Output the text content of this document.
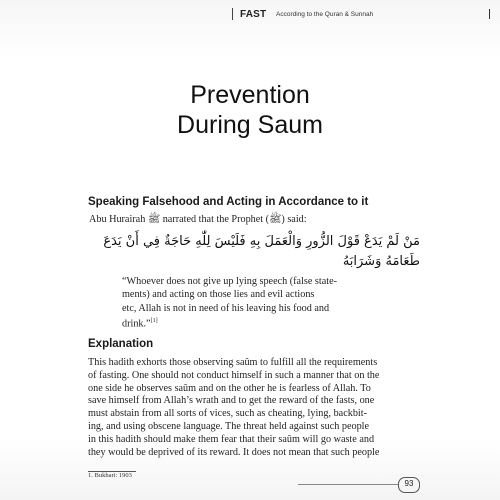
FAST According to the Quran & Sunnah
Prevention
During Saum
Speaking Falsehood and Acting in Accordance to it
Abu Hurairah ﷺ narrated that the Prophet (ﷺ) said:
مَنْ لَمْ يَدَعْ قَوْلَ الزُّورِ وَالْعَمَلَ بِهِ فَلَيْسَ لِلّٰهِ حَاجَةٌ فِي أَنْ يَدَعَ
طَعَامَهُ وَشَرَابَهُ
“Whoever does not give up lying speech (false state-
ments) and acting on those lies and evil actions
etc, Allah is not in need of his leaving his food and
drink.”[1]
Explanation
This hadith exhorts those observing saûm to fulfill all the requirements
of fasting. One should not conduct himself in such a manner that on the
one side he observes saûm and on the other he is fearless of Allah. To
save himself from Allah’s wrath and to get the reward of the fasts, one
must abstain from all sorts of vices, such as cheating, lying, backbit-
ing, and using obscene language. The threat held against such people
in this hadith should make them fear that their saûm will go waste and
they would be deprived of its reward. It does not mean that such people
1. Bukhari: 1903
93
